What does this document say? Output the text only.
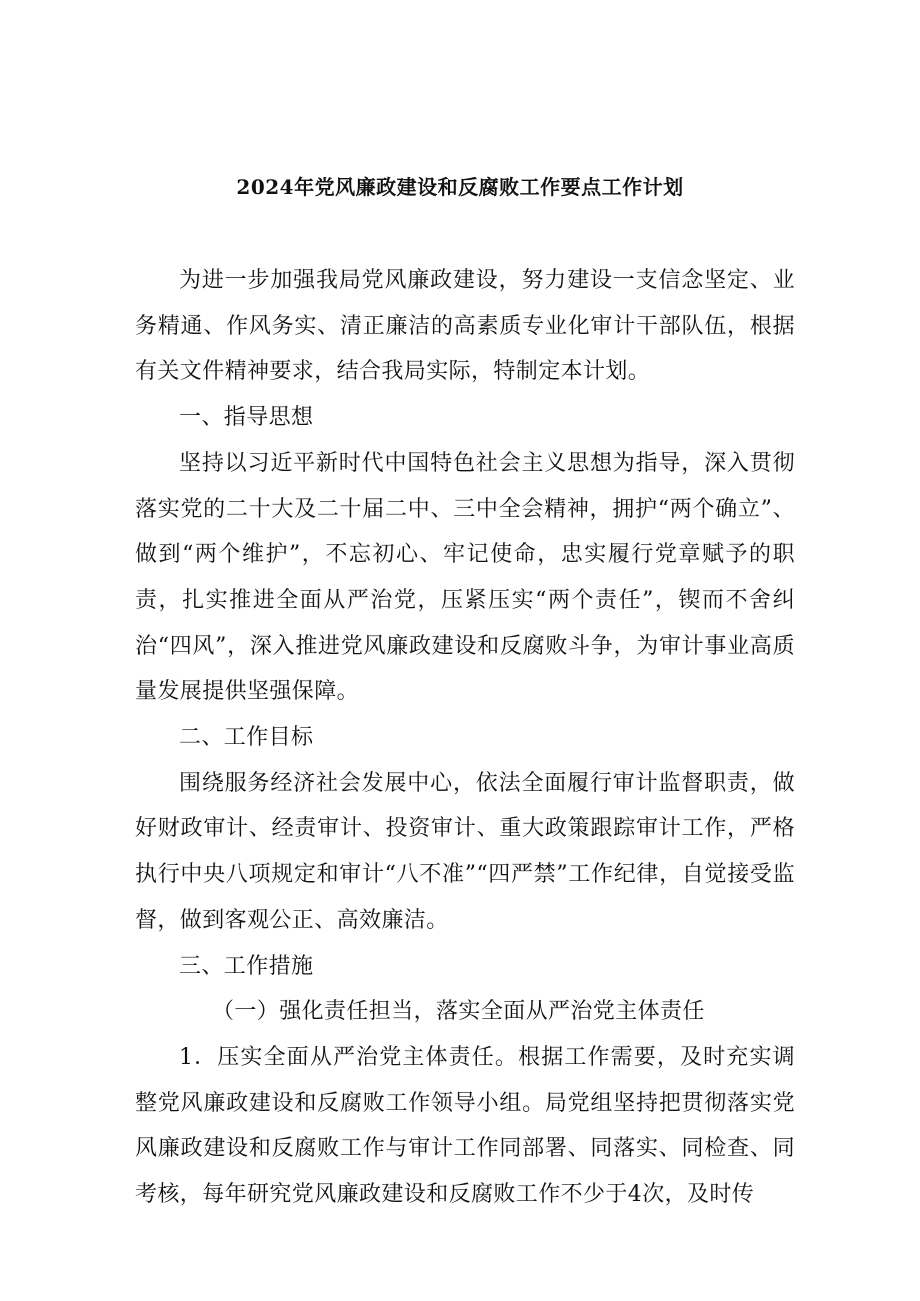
2024年党风廉政建设和反腐败工作要点工作计划

为进一步加强我局党风廉政建设，努力建设一支信念坚定、业务精通、作风务实、清正廉洁的高素质专业化审计干部队伍，根据有关文件精神要求，结合我局实际，特制定本计划。

一、指导思想

坚持以习近平新时代中国特色社会主义思想为指导，深入贯彻落实党的二十大及二十届二中、三中全会精神，拥护“两个确立”、做到“两个维护”，不忘初心、牢记使命，忠实履行党章赋予的职责，扎实推进全面从严治党，压紧压实“两个责任”，锲而不舍纠治“四风”，深入推进党风廉政建设和反腐败斗争，为审计事业高质量发展提供坚强保障。

二、工作目标

围绕服务经济社会发展中心，依法全面履行审计监督职责，做好财政审计、经责审计、投资审计、重大政策跟踪审计工作，严格执行中央八项规定和审计“八不准”“四严禁”工作纪律，自觉接受监督，做到客观公正、高效廉洁。

三、工作措施

（一）强化责任担当，落实全面从严治党主体责任

1．压实全面从严治党主体责任。根据工作需要，及时充实调整党风廉政建设和反腐败工作领导小组。局党组坚持把贯彻落实党风廉政建设和反腐败工作与审计工作同部署、同落实、同检查、同考核，每年研究党风廉政建设和反腐败工作不少于4次，及时传
